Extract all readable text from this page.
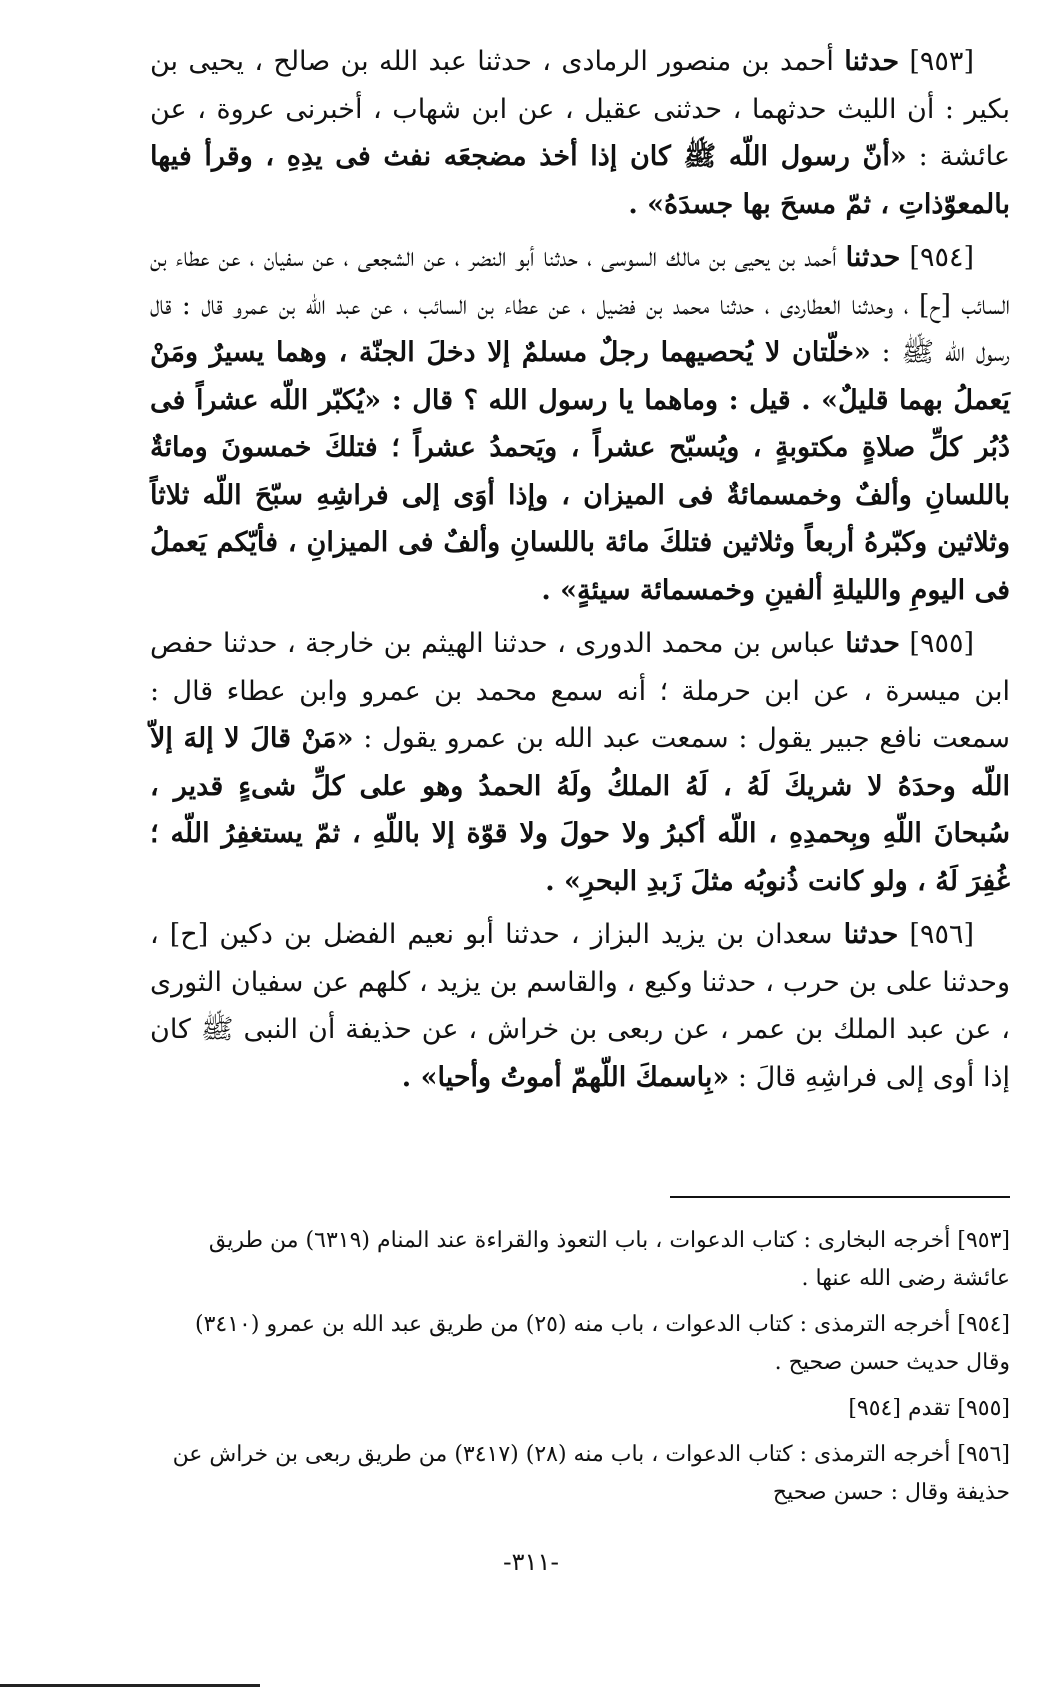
[٩٥٣] حدثنا أحمد بن منصور الرمادى ، حدثنا عبد الله بن صالح ، يحيى بن بكير : أن الليث حدثهما ، حدثنى عقيل ، عن ابن شهاب ، أخبرنى عروة ، عن عائشة : «أنّ رسول اللّه ﷺ كان إذا أخذ مضجعَه نفث فى يدِهِ ، وقرأ فيها بالمعوّذاتِ ، ثمّ مسحَ بها جسدَهُ» .

[٩٥٤] حدثنا أحمد بن يحيى بن مالك السوسى ، حدثنا أبو النضر ، عن الشجعى ، عن سفيان ، عن عطاء بن السائب [ح] ، وحدثنا العطاردى ، حدثنا محمد بن فضيل ، عن عطاء بن السائب ، عن عبد الله بن عمرو قال : قال رسول الله ﷺ : «خلّتان لا يُحصيهما رجلٌ مسلمٌ إلا دخلَ الجنّة ، وهما يسيرٌ ومَنْ يَعملُ بهما قليلٌ» . قيل : وماهما يا رسول الله ؟ قال : «يُكبّر اللّه عشراً فى دُبُر كلِّ صلاةٍ مكتوبةٍ ، ويُسبّح عشراً ، ويَحمدُ عشراً ؛ فتلكَ خمسونَ ومائةٌ باللسانِ وألفٌ وخمسمائةٌ فى الميزان ، وإذا أوَى إلى فراشِهِ سبّحَ اللّه ثلاثاً وثلاثين وكبّرهُ أربعاً وثلاثين فتلكَ مائة باللسانِ وألفٌ فى الميزانِ ، فأيّكم يَعملُ فى اليومِ والليلةِ ألفينِ وخمسمائة سيئةٍ» .

[٩٥٥] حدثنا عباس بن محمد الدورى ، حدثنا الهيثم بن خارجة ، حدثنا حفص ابن ميسرة ، عن ابن حرملة ؛ أنه سمع محمد بن عمرو وابن عطاء قال : سمعت نافع جبير يقول : سمعت عبد الله بن عمرو يقول : «مَنْ قالَ لا إلهَ إلاّ اللّه وحدَهُ لا شريكَ لَهُ ، لَهُ الملكُ ولَهُ الحمدُ وهو على كلِّ شىءٍ قدير ، سُبحانَ اللّهِ وبِحمدِهِ ، اللّه أكبرُ ولا حولَ ولا قوّة إلا باللّهِ ، ثمّ يستغفِرُ اللّه ؛ غُفِرَ لَهُ ، ولو كانت ذُنوبُه مثلَ زَبدِ البحرِ» .

[٩٥٦] حدثنا سعدان بن يزيد البزاز ، حدثنا أبو نعيم الفضل بن دكين [ح] ، وحدثنا على بن حرب ، حدثنا وكيع ، والقاسم بن يزيد ، كلهم عن سفيان الثورى ، عن عبد الملك بن عمر ، عن ربعى بن خراش ، عن حذيفة أن النبى ﷺ كان إذا أوى إلى فراشِهِ قالَ : «بِاسمكَ اللّهمّ أموتُ وأحيا» .

[٩٥٣] أخرجه البخارى : كتاب الدعوات ، باب التعوذ والقراءة عند المنام (٦٣١٩) من طريق عائشة رضى الله عنها .

[٩٥٤] أخرجه الترمذى : كتاب الدعوات ، باب منه (٢٥) من طريق عبد الله بن عمرو (٣٤١٠) وقال حديث حسن صحيح .

[٩٥٥] تقدم [٩٥٤]

[٩٥٦] أخرجه الترمذى : كتاب الدعوات ، باب منه (٢٨) (٣٤١٧) من طريق ربعى بن خراش عن حذيفة وقال : حسن صحيح

-٣١١-
